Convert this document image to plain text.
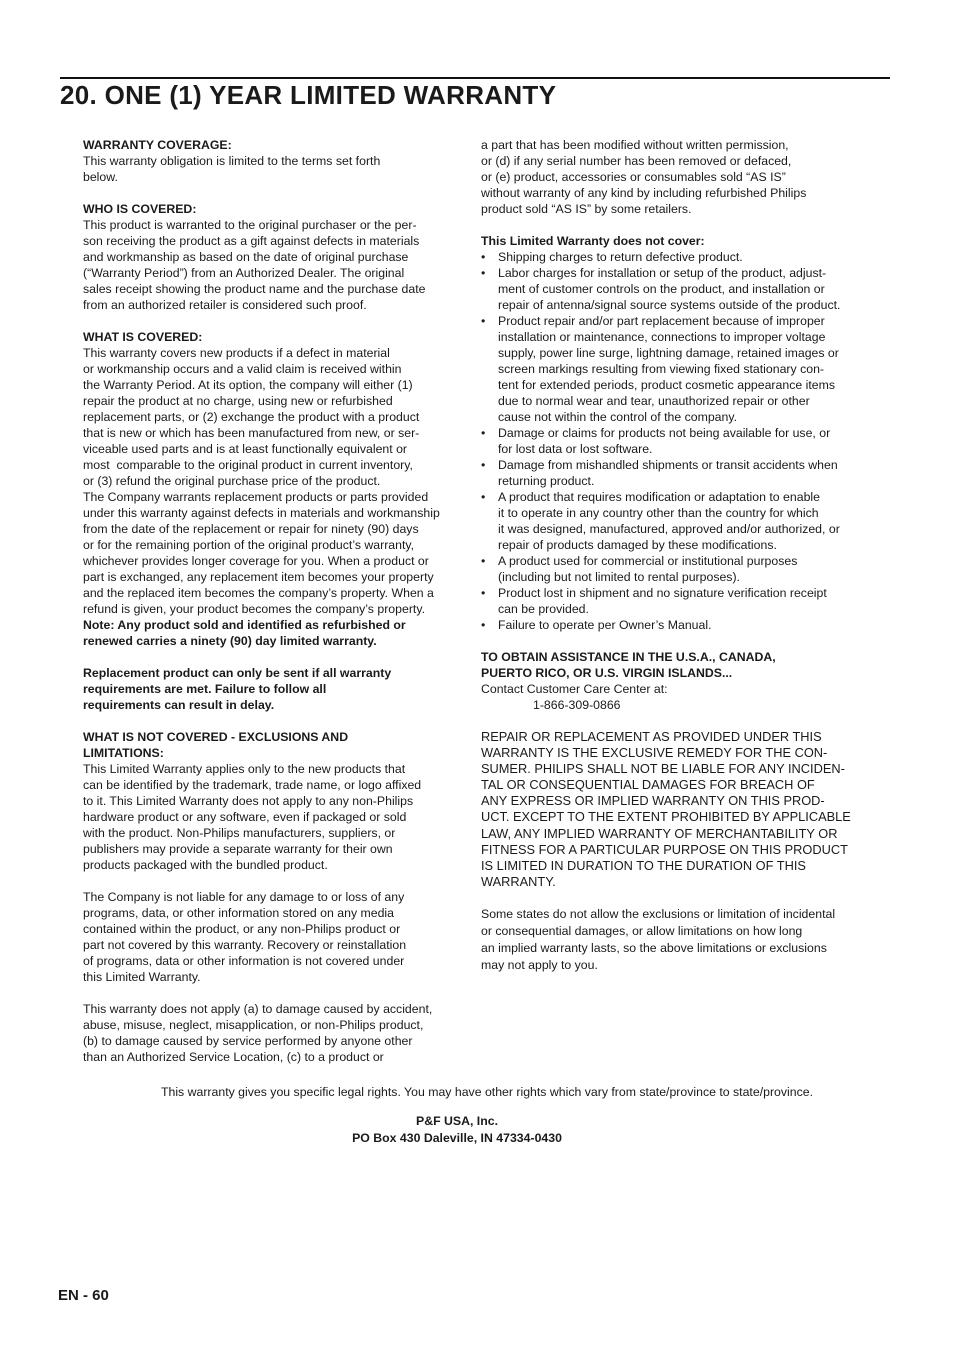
20. ONE (1) YEAR LIMITED WARRANTY
WARRANTY COVERAGE:
This warranty obligation is limited to the terms set forth
below.
WHO IS COVERED:
This product is warranted to the original purchaser or the per-
son receiving the product as a gift against defects in materials
and workmanship as based on the date of original purchase
(“Warranty Period”) from an Authorized Dealer. The original
sales receipt showing the product name and the purchase date
from an authorized retailer is considered such proof.
WHAT IS COVERED:
This warranty covers new products if a defect in material
or workmanship occurs and a valid claim is received within
the Warranty Period. At its option, the company will either (1)
repair the product at no charge, using new or refurbished
replacement parts, or (2) exchange the product with a product
that is new or which has been manufactured from new, or ser-
viceable used parts and is at least functionally equivalent or
most  comparable to the original product in current inventory,
or (3) refund the original purchase price of the product.
The Company warrants replacement products or parts provided
under this warranty against defects in materials and workmanship
from the date of the replacement or repair for ninety (90) days
or for the remaining portion of the original product’s warranty,
whichever provides longer coverage for you. When a product or
part is exchanged, any replacement item becomes your property
and the replaced item becomes the company’s property. When a
refund is given, your product becomes the company’s property.
Note: Any product sold and identified as refurbished or
renewed carries a ninety (90) day limited warranty.
Replacement product can only be sent if all warranty
requirements are met. Failure to follow all
requirements can result in delay.
WHAT IS NOT COVERED - EXCLUSIONS AND
LIMITATIONS:
This Limited Warranty applies only to the new products that
can be identified by the trademark, trade name, or logo affixed
to it. This Limited Warranty does not apply to any non-Philips
hardware product or any software, even if packaged or sold
with the product. Non-Philips manufacturers, suppliers, or
publishers may provide a separate warranty for their own
products packaged with the bundled product.
The Company is not liable for any damage to or loss of any
programs, data, or other information stored on any media
contained within the product, or any non-Philips product or
part not covered by this warranty. Recovery or reinstallation
of programs, data or other information is not covered under
this Limited Warranty.
This warranty does not apply (a) to damage caused by accident,
abuse, misuse, neglect, misapplication, or non-Philips product,
(b) to damage caused by service performed by anyone other
than an Authorized Service Location, (c) to a product or
a part that has been modified without written permission,
or (d) if any serial number has been removed or defaced,
or (e) product, accessories or consumables sold “AS IS”
without warranty of any kind by including refurbished Philips
product sold “AS IS” by some retailers.
This Limited Warranty does not cover:
• Shipping charges to return defective product.
• Labor charges for installation or setup of the product, adjust-
ment of customer controls on the product, and installation or
repair of antenna/signal source systems outside of the product.
• Product repair and/or part replacement because of improper
installation or maintenance, connections to improper voltage
supply, power line surge, lightning damage, retained images or
screen markings resulting from viewing fixed stationary con-
tent for extended periods, product cosmetic appearance items
due to normal wear and tear, unauthorized repair or other
cause not within the control of the company.
• Damage or claims for products not being available for use, or
for lost data or lost software.
• Damage from mishandled shipments or transit accidents when
returning product.
• A product that requires modification or adaptation to enable
it to operate in any country other than the country for which
it was designed, manufactured, approved and/or authorized, or
repair of products damaged by these modifications.
• A product used for commercial or institutional purposes
(including but not limited to rental purposes).
• Product lost in shipment and no signature verification receipt
can be provided.
• Failure to operate per Owner’s Manual.
TO OBTAIN ASSISTANCE IN THE U.S.A., CANADA,
PUERTO RICO, OR U.S. VIRGIN ISLANDS...
Contact Customer Care Center at:
1-866-309-0866
REPAIR OR REPLACEMENT AS PROVIDED UNDER THIS
WARRANTY IS THE EXCLUSIVE REMEDY FOR THE CON-
SUMER. PHILIPS SHALL NOT BE LIABLE FOR ANY INCIDEN-
TAL OR CONSEQUENTIAL DAMAGES FOR BREACH OF
ANY EXPRESS OR IMPLIED WARRANTY ON THIS PROD-
UCT. EXCEPT TO THE EXTENT PROHIBITED BY APPLICABLE
LAW, ANY IMPLIED WARRANTY OF MERCHANTABILITY OR
FITNESS FOR A PARTICULAR PURPOSE ON THIS PRODUCT
IS LIMITED IN DURATION TO THE DURATION OF THIS
WARRANTY.
Some states do not allow the exclusions or limitation of incidental
or consequential damages, or allow limitations on how long
an implied warranty lasts, so the above limitations or exclusions
may not apply to you.
This warranty gives you specific legal rights. You may have other rights which vary from state/province to state/province.
P&F USA, Inc.
PO Box 430 Daleville, IN 47334-0430
EN - 60
